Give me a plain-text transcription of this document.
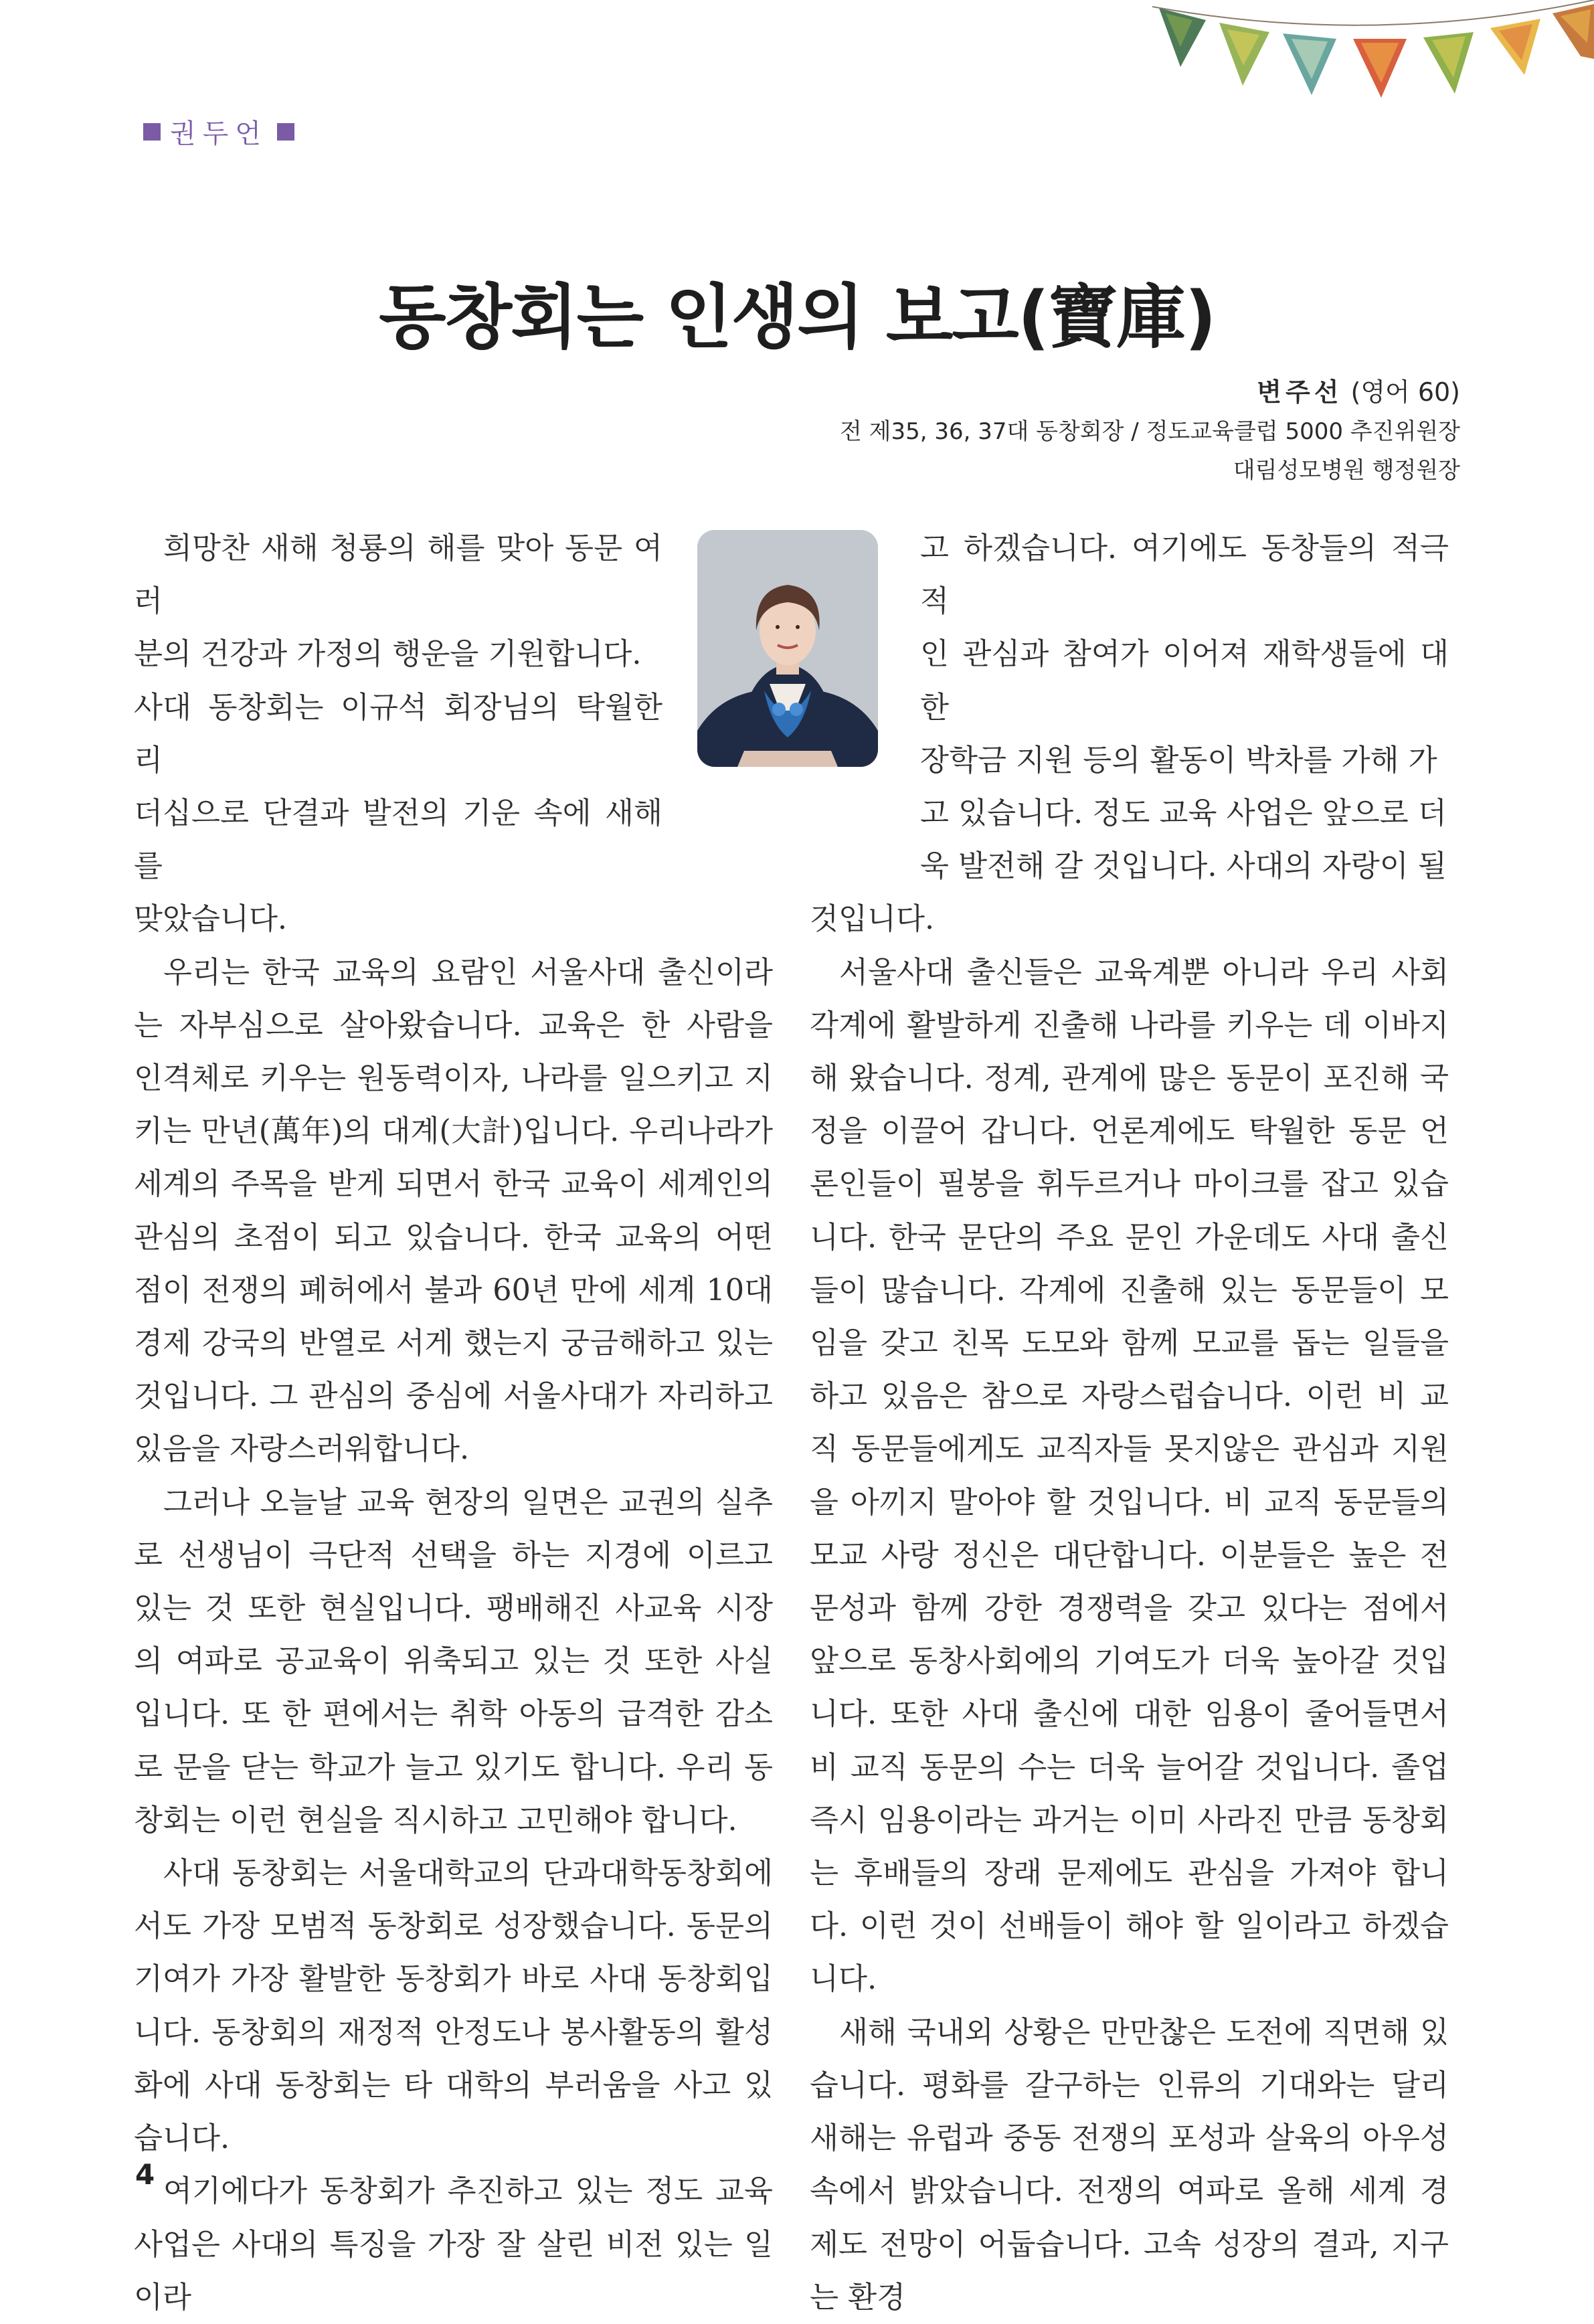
권두언
동창회는 인생의 보고(寶庫)
변주선 (영어 60)
전 제35, 36, 37대 동창회장 / 정도교육클럽 5000 추진위원장
대림성모병원 행정원장
희망찬 새해 청룡의 해를 맞아 동문 여러
분의 건강과 가정의 행운을 기원합니다.
사대 동창회는 이규석 회장님의 탁월한 리
더십으로 단결과 발전의 기운 속에 새해를
맞았습니다.

우리는 한국 교육의 요람인 서울사대 출신이라는 자부심으로 살아왔습니다. 교육은 한 사람을 인격체로 키우는 원동력이자, 나라를 일으키고 지키는 만년(萬年)의 대계(大計)입니다. 우리나라가 세계의 주목을 받게 되면서 한국 교육이 세계인의 관심의 초점이 되고 있습니다. 한국 교육의 어떤 점이 전쟁의 폐허에서 불과 60년 만에 세계 10대 경제 강국의 반열로 서게 했는지 궁금해하고 있는 것입니다. 그 관심의 중심에 서울사대가 자리하고 있음을 자랑스러워합니다.

그러나 오늘날 교육 현장의 일면은 교권의 실추로 선생님이 극단적 선택을 하는 지경에 이르고 있는 것 또한 현실입니다. 팽배해진 사교육 시장의 여파로 공교육이 위축되고 있는 것 또한 사실입니다. 또 한 편에서는 취학 아동의 급격한 감소로 문을 닫는 학교가 늘고 있기도 합니다. 우리 동창회는 이런 현실을 직시하고 고민해야 합니다.

사대 동창회는 서울대학교의 단과대학동창회에서도 가장 모범적 동창회로 성장했습니다. 동문의 기여가 가장 활발한 동창회가 바로 사대 동창회입니다. 동창회의 재정적 안정도나 봉사활동의 활성화에 사대 동창회는 타 대학의 부러움을 사고 있습니다.

여기에다가 동창회가 추진하고 있는 정도 교육 사업은 사대의 특징을 가장 잘 살린 비전 있는 일이라

고 하겠습니다. 여기에도 동창들의 적극적
인 관심과 참여가 이어져 재학생들에 대한
장학금 지원 등의 활동이 박차를 가해 가
고 있습니다. 정도 교육 사업은 앞으로 더
욱 발전해 갈 것입니다. 사대의 자랑이 될

것입니다.

서울사대 출신들은 교육계뿐 아니라 우리 사회 각계에 활발하게 진출해 나라를 키우는 데 이바지해 왔습니다. 정계, 관계에 많은 동문이 포진해 국정을 이끌어 갑니다. 언론계에도 탁월한 동문 언론인들이 필봉을 휘두르거나 마이크를 잡고 있습니다. 한국 문단의 주요 문인 가운데도 사대 출신들이 많습니다. 각계에 진출해 있는 동문들이 모임을 갖고 친목 도모와 함께 모교를 돕는 일들을 하고 있음은 참으로 자랑스럽습니다. 이런 비 교직 동문들에게도 교직자들 못지않은 관심과 지원을 아끼지 말아야 할 것입니다. 비 교직 동문들의 모교 사랑 정신은 대단합니다. 이분들은 높은 전문성과 함께 강한 경쟁력을 갖고 있다는 점에서 앞으로 동창사회에의 기여도가 더욱 높아갈 것입니다. 또한 사대 출신에 대한 임용이 줄어들면서 비 교직 동문의 수는 더욱 늘어갈 것입니다. 졸업 즉시 임용이라는 과거는 이미 사라진 만큼 동창회는 후배들의 장래 문제에도 관심을 가져야 합니다. 이런 것이 선배들이 해야 할 일이라고 하겠습니다.

새해 국내외 상황은 만만찮은 도전에 직면해 있습니다. 평화를 갈구하는 인류의 기대와는 달리 새해는 유럽과 중동 전쟁의 포성과 살육의 아우성 속에서 밝았습니다. 전쟁의 여파로 올해 세계 경제도 전망이 어둡습니다. 고속 성장의 결과, 지구는 환경

4
